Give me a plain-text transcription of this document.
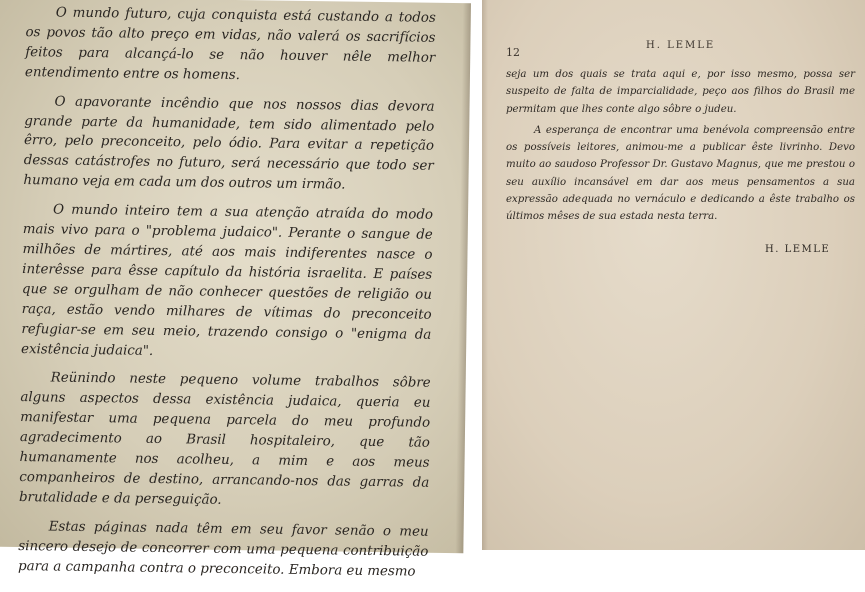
O mundo futuro, cuja conquista está custando a todos os povos tão alto preço em vidas, não valerá os sacrifícios feitos para alcançá-lo se não houver nêle melhor entendimento entre os homens.

O apavorante incêndio que nos nossos dias devora grande parte da humanidade, tem sido alimentado pelo êrro, pelo preconceito, pelo ódio. Para evitar a repetição dessas catástrofes no futuro, será necessário que todo ser humano veja em cada um dos outros um irmão.

O mundo inteiro tem a sua atenção atraída do modo mais vivo para o "problema judaico". Perante o sangue de milhões de mártires, até aos mais indiferentes nasce o interêsse para êsse capítulo da história israelita. E países que se orgulham de não conhecer questões de religião ou raça, estão vendo milhares de vítimas do preconceito refugiar-se em seu meio, trazendo consigo o "enigma da existência judaica".

Reünindo neste pequeno volume trabalhos sôbre alguns aspectos dessa existência judaica, queria eu manifestar uma pequena parcela do meu profundo agradecimento ao Brasil hospitaleiro, que tão humanamente nos acolheu, a mim e aos meus companheiros de destino, arrancando-nos das garras da brutalidade e da perseguição.

Estas páginas nada têm em seu favor senão o meu sincero desejo de concorrer com uma pequena contribuição para a campanha contra o preconceito. Embora eu mesmo

12
H. LEMLE

seja um dos quais se trata aqui e, por isso mesmo, possa ser suspeito de falta de imparcialidade, peço aos filhos do Brasil me permitam que lhes conte algo sôbre o judeu.

A esperança de encontrar uma benévola compreensão entre os possíveis leitores, animou-me a publicar êste livrinho. Devo muito ao saudoso Professor Dr. Gustavo Magnus, que me prestou o seu auxílio incansável em dar aos meus pensamentos a sua expressão adequada no vernáculo e dedicando a êste trabalho os últimos mêses de sua estada nesta terra.

H. LEMLE
